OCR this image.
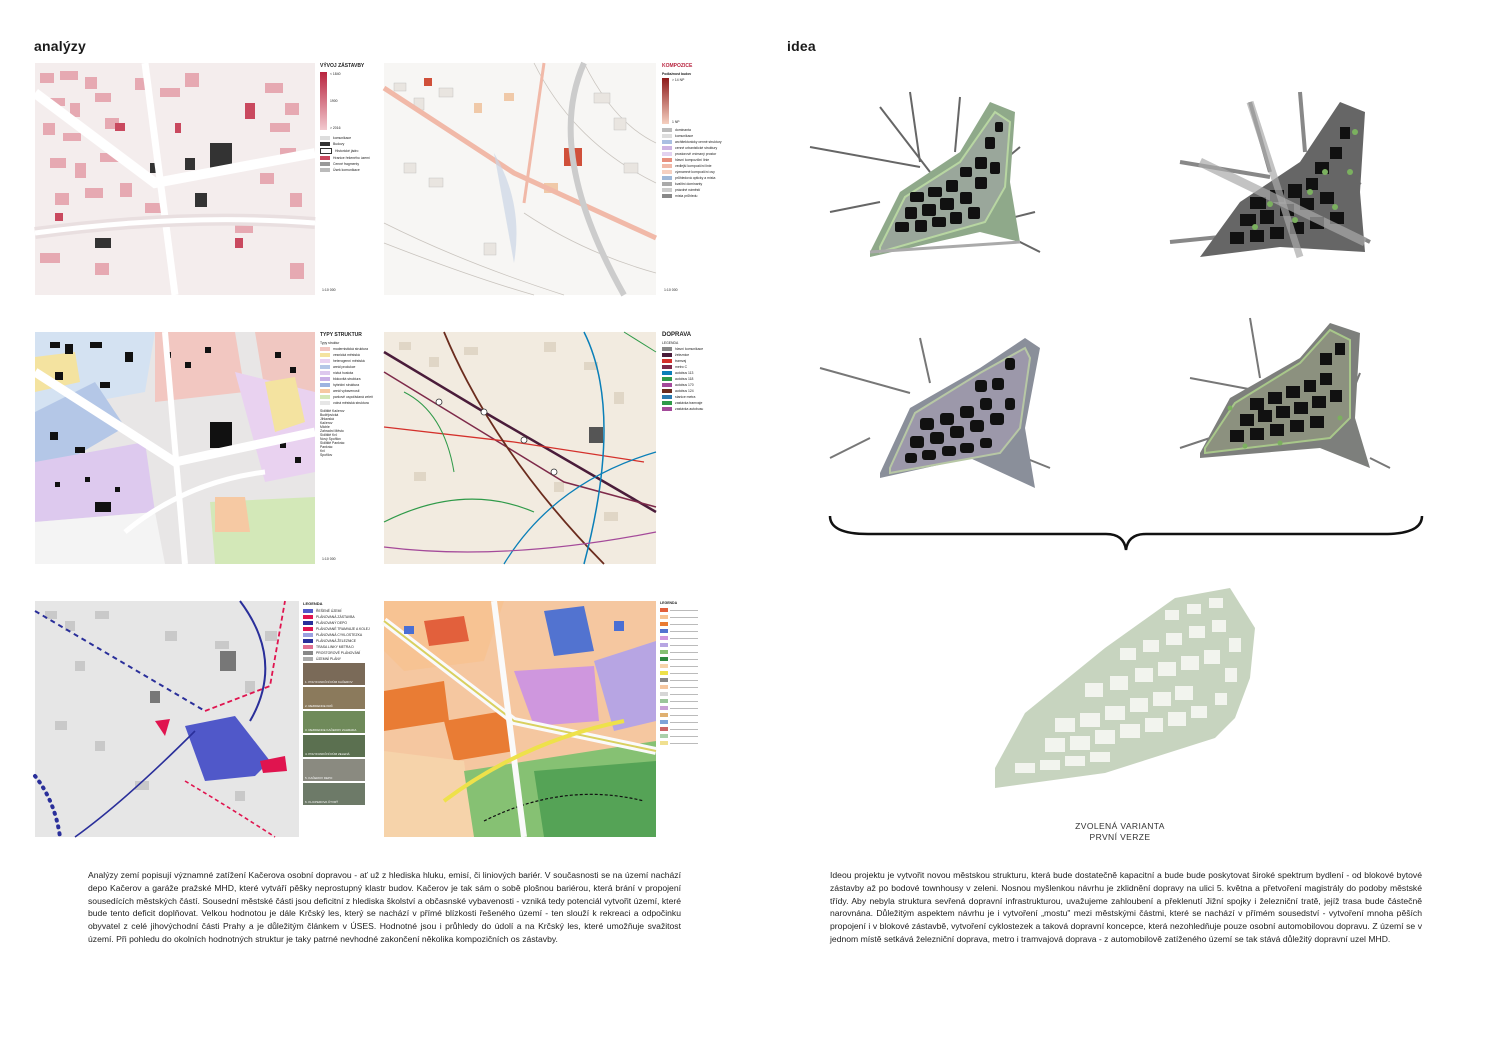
analýzy
VÝVOJ ZÁSTAVBY
< 1840
1900
> 2016
komunikace
Budovy
Historické jádro
Hranice řešeného území
Cenné fragmenty
Úsek komunikace
1:10 000
KOMPOZICE
Podlažnost budov
> 14 NP
1 NP
dominanta
komunikace
architektonicky cenné struktury
cenné urbanistické struktury
prostorově vnímaný prostor
hlavní kompoziční linie
vedlejší kompoziční linie
významné kompoziční osy
průhledová opticky a místa
kvalitní dominanty
prázdné náměstí
místa průhledu
1:10 000
TYPY STRUKTUR
Typy struktur
modernistická struktura
vesnická městská
heterogenní městská
areál produkce
nízká hustota
blokovitá struktura
hybridní struktura
areál vybavenosti
parkově uspořádaná zeleň
volná městská struktura
Sídliště Kačerov
Budějovická
Jihlavská
Kačerov
Michle
Zahradní Město
Sídliště Krč
Nový Spořilov
Sídliště Pankrác
Pankrác
Krč
Spořilov
1:10 000
DOPRAVA
LEGENDA
hlavní komunikace
železnice
tramvaj
metro C
autobus 113
autobus 118
autobus 170
autobus 124
stanice metra
zastávka tramvaje
zastávka autobusu
LEGENDA
ŘEŠENÉ ÚZEMÍ
PLÁNOVANÁ ZÁSTAVBA
PLÁNOVANÝ DEPO
PLÁNOVANÉ TRAMVAJE A KOLEJ
PLÁNOVANÁ CYKLOSTEZKA
PLÁNOVANÁ ŽELEZNICE
TRASA LINKY METRA D
PROSTOROVÉ PLÁNOVÁNÍ
ÚZEMNÍ PLÁNY
1. POLYFUNKČNÍ DŮM KAČEROV
2. REZIDENCE KRČ
3. REZIDENCE KAČEROV ZAHRADA
4. POLYFUNKČNÍ DŮM ZELENÁ
5. KAČEROV DEPO
6. KLICPEROVA ČTVRŤ
LEGENDA
Analýzy zemí popisují významné zatížení Kačerova osobní dopravou - ať už z hlediska hluku, emisí, či liniových bariér. V současnosti se na území nachází depo Kačerov a garáže pražské MHD, které vytváří pěšky neprostupný klastr budov. Kačerov je tak sám o sobě plošnou bariérou, která brání v propojení sousedících městských částí. Sousední městské části jsou deficitní z hlediska školství a občasnské vybavenosti - vzniká tedy potenciál vytvořit území, které bude tento deficit doplňovat. Velkou hodnotou je dále Krčský les, který se nachází v přímé blízkosti řešeného území - ten slouží k rekreaci a odpočinku obyvatel z celé jihovýchodní části Prahy a je důležitým článkem v ÚSES. Hodnotné jsou i průhledy do údolí a na Krčský les, které umožňuje svažitost území. Při pohledu do okolních hodnotných struktur je taky patrné nevhodné zakončení několika kompozičních os zástavby.
idea
ZVOLENÁ VARIANTA
PRVNÍ VERZE
Ideou projektu je vytvořit novou městskou strukturu, která bude dostatečně kapacitní a bude bude poskytovat široké spektrum bydlení - od blokové bytové zástavby až po bodové townhousy v zeleni. Nosnou myšlenkou návrhu je zklidnění dopravy na ulici 5. května a přetvoření magistrály do podoby městské třídy. Aby nebyla struktura sevřená dopravní infrastrukturou, uvažujeme zahloubení a překlenutí Jižní spojky i železniční tratě, jejíž trasa bude částečně narovnána. Důležitým aspektem návrhu je i vytvoření „mostu" mezi městskými částmi, které se nachází v přímém sousedství - vytvoření mnoha pěších propojení i v blokové zástavbě, vytvoření cyklostezek a taková dopravní koncepce, která nezohledňuje pouze osobní automobilovou dopravu. Z území se v jednom místě setkává železniční doprava, metro i tramvajová doprava - z automobilově zatíženého území se tak stává důležitý dopravní uzel MHD.
